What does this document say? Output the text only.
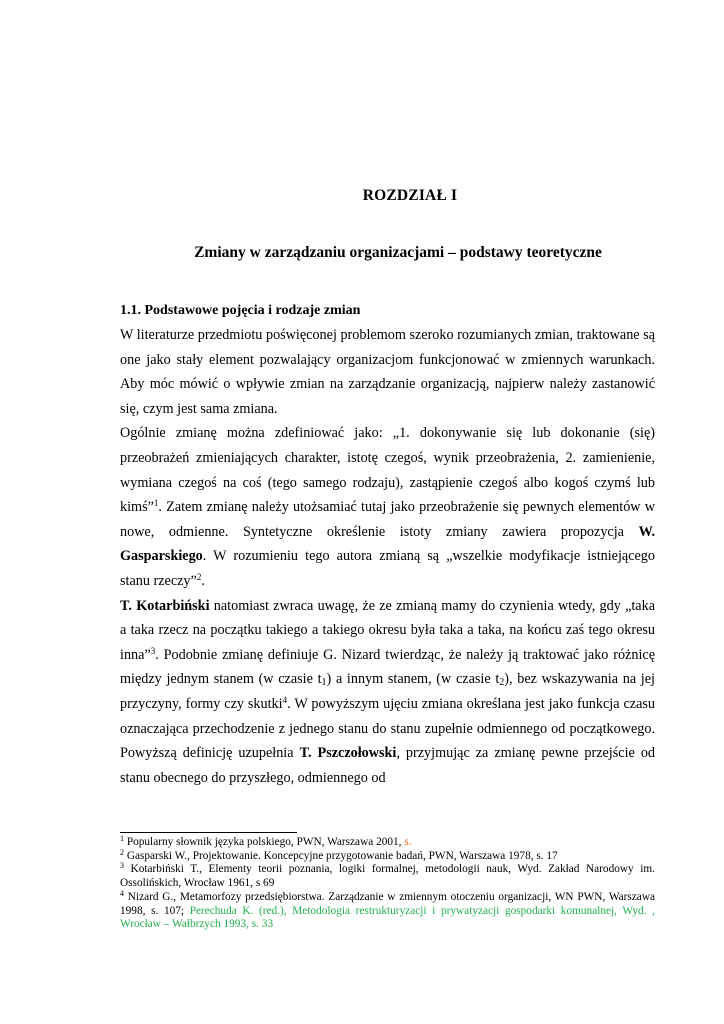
ROZDZIAŁ I
Zmiany w zarządzaniu organizacjami – podstawy teoretyczne
1.1. Podstawowe pojęcia i rodzaje zmian

W literaturze przedmiotu poświęconej problemom szeroko rozumianych zmian, traktowane są one jako stały element pozwalający organizacjom funkcjonować w zmiennych warunkach. Aby móc mówić o wpływie zmian na zarządzanie organizacją, najpierw należy zastanowić się, czym jest sama zmiana.

Ogólnie zmianę można zdefiniować jako: „1. dokonywanie się lub dokonanie (się) przeobrażeń zmieniających charakter, istotę czegoś, wynik przeobrażenia, 2. zamienienie, wymiana czegoś na coś (tego samego rodzaju), zastąpienie czegoś albo kogoś czymś lub kimś”$^1$. Zatem zmianę należy utożsamiać tutaj jako przeobrażenie się pewnych elementów w nowe, odmienne. Syntetyczne określenie istoty zmiany zawiera propozycja W. Gasparskiego. W rozumieniu tego autora zmianą są „wszelkie modyfikacje istniejącego stanu rzeczy”$^2$.

T. Kotarbiński natomiast zwraca uwagę, że ze zmianą mamy do czynienia wtedy, gdy „taka a taka rzecz na początku takiego a takiego okresu była taka a taka, na końcu zaś tego okresu inna”$^3$. Podobnie zmianę definiuje G. Nizard twierdząc, że należy ją traktować jako różnicę między jednym stanem (w czasie $t_1$) a innym stanem, (w czasie $t_2$), bez wskazywania na jej przyczyny, formy czy skutki$^4$. W powyższym ujęciu zmiana określana jest jako funkcja czasu oznaczająca przechodzenie z jednego stanu do stanu zupełnie odmiennego od początkowego. Powyższą definicję uzupełnia T. Pszczołowski, przyjmując za zmianę pewne przejście od stanu obecnego do przyszłego, odmiennego od

$^1$ Popularny słownik języka polskiego, PWN, Warszawa 2001, s.
$^2$ Gasparski W., Projektowanie. Koncepcyjne przygotowanie badań, PWN, Warszawa 1978, s. 17
$^3$ Kotarbiński T., Elementy teorii poznania, logiki formalnej, metodologii nauk, Wyd. Zakład Narodowy im. Ossolińskich, Wrocław 1961, s 69
$^4$ Nizard G., Metamorfozy przedsiębiorstwa. Zarządzanie w zmiennym otoczeniu organizacji, WN PWN, Warszawa 1998, s. 107; Perechuda K. (red.), Metodologia restrukturyzacji i prywatyzacji gospodarki komunalnej, Wyd. , Wrocław – Wałbrzych 1993, s. 33
